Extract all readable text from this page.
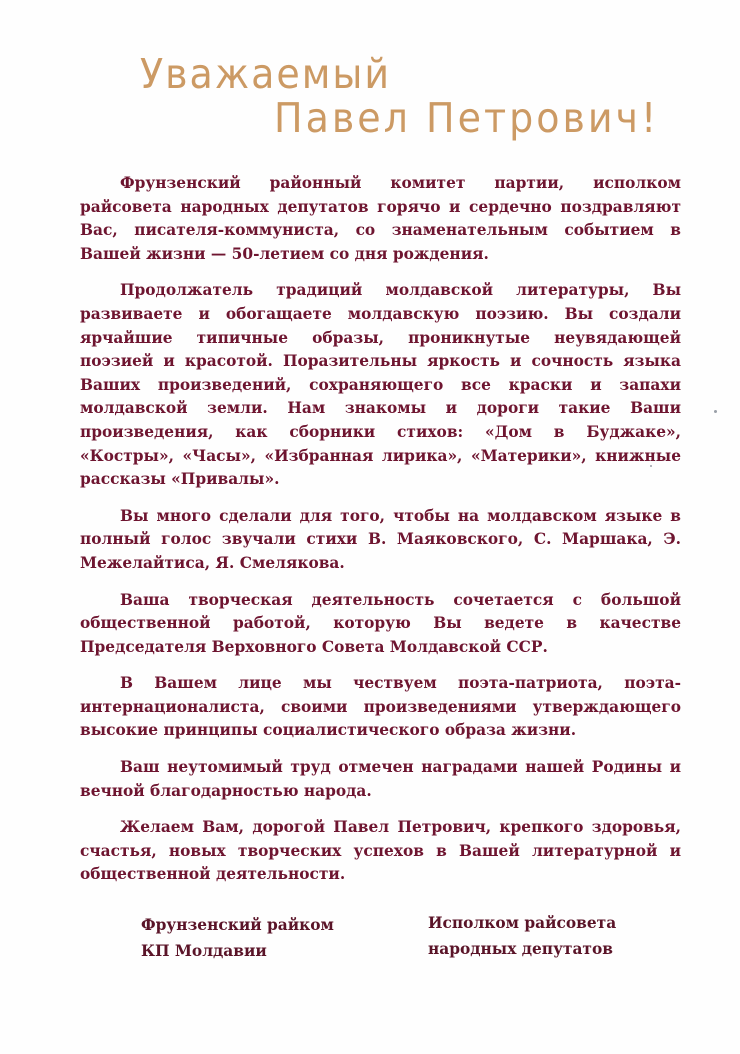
Уважаемый
Павел Петрович!

Фрунзенский районный комитет партии, исполком райсовета народных депутатов горячо и сердечно поздравляют Вас, писателя-коммуниста, со знаменательным событием в Вашей жизни — 50-летием со дня рождения.

Продолжатель традиций молдавской литературы, Вы развиваете и обогащаете молдавскую поэзию. Вы создали ярчайшие типичные образы, проникнутые неувядающей поэзией и красотой. Поразительны яркость и сочность языка Ваших произведений, сохраняющего все краски и запахи молдавской земли. Нам знакомы и дороги такие Ваши произведения, как сборники стихов: «Дом в Буджаке», «Костры», «Часы», «Избранная лирика», «Материки», книжные рассказы «Привалы».

Вы много сделали для того, чтобы на молдавском языке в полный голос звучали стихи В. Маяковского, С. Маршака, Э. Межелайтиса, Я. Смелякова.

Ваша творческая деятельность сочетается с большой общественной работой, которую Вы ведете в качестве Председателя Верховного Совета Молдавской ССР.

В Вашем лице мы чествуем поэта-патриота, поэта-интернационалиста, своими произведениями утверждающего высокие принципы социалистического образа жизни.

Ваш неутомимый труд отмечен наградами нашей Родины и вечной благодарностью народа.

Желаем Вам, дорогой Павел Петрович, крепкого здоровья, счастья, новых творческих успехов в Вашей литературной и общественной деятельности.

Фрунзенский райком
КП Молдавии
Исполком райсовета
народных депутатов
